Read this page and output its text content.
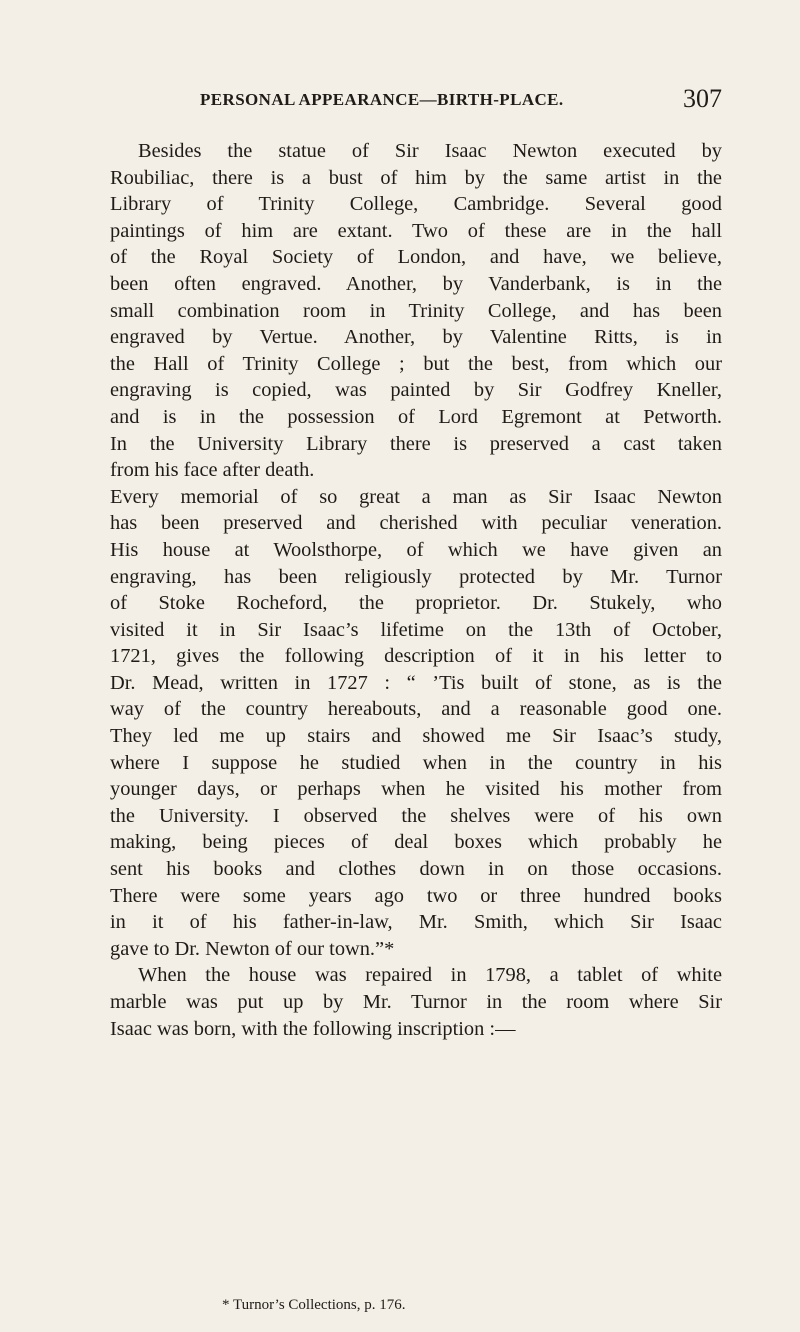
PERSONAL APPEARANCE—BIRTH-PLACE.	307
Besides the statue of Sir Isaac Newton executed by
Roubiliac, there is a bust of him by the same artist in the
Library of Trinity College, Cambridge. Several good
paintings of him are extant. Two of these are in the hall
of the Royal Society of London, and have, we believe,
been often engraved. Another, by Vanderbank, is in the
small combination room in Trinity College, and has been
engraved by Vertue. Another, by Valentine Ritts, is in
the Hall of Trinity College ; but the best, from which our
engraving is copied, was painted by Sir Godfrey Kneller,
and is in the possession of Lord Egremont at Petworth.
In the University Library there is preserved a cast taken
from his face after death.
Every memorial of so great a man as Sir Isaac Newton
has been preserved and cherished with peculiar veneration.
His house at Woolsthorpe, of which we have given an
engraving, has been religiously protected by Mr. Turnor
of Stoke Rocheford, the proprietor. Dr. Stukely, who
visited it in Sir Isaac’s lifetime on the 13th of October,
1721, gives the following description of it in his letter to
Dr. Mead, written in 1727 : “ ’Tis built of stone, as is the
way of the country hereabouts, and a reasonable good one.
They led me up stairs and showed me Sir Isaac’s study,
where I suppose he studied when in the country in his
younger days, or perhaps when he visited his mother from
the University. I observed the shelves were of his own
making, being pieces of deal boxes which probably he
sent his books and clothes down in on those occasions.
There were some years ago two or three hundred books
in it of his father-in-law, Mr. Smith, which Sir Isaac
gave to Dr. Newton of our town.”*
When the house was repaired in 1798, a tablet of white
marble was put up by Mr. Turnor in the room where Sir
Isaac was born, with the following inscription :—
* Turnor’s Collections, p. 176.
